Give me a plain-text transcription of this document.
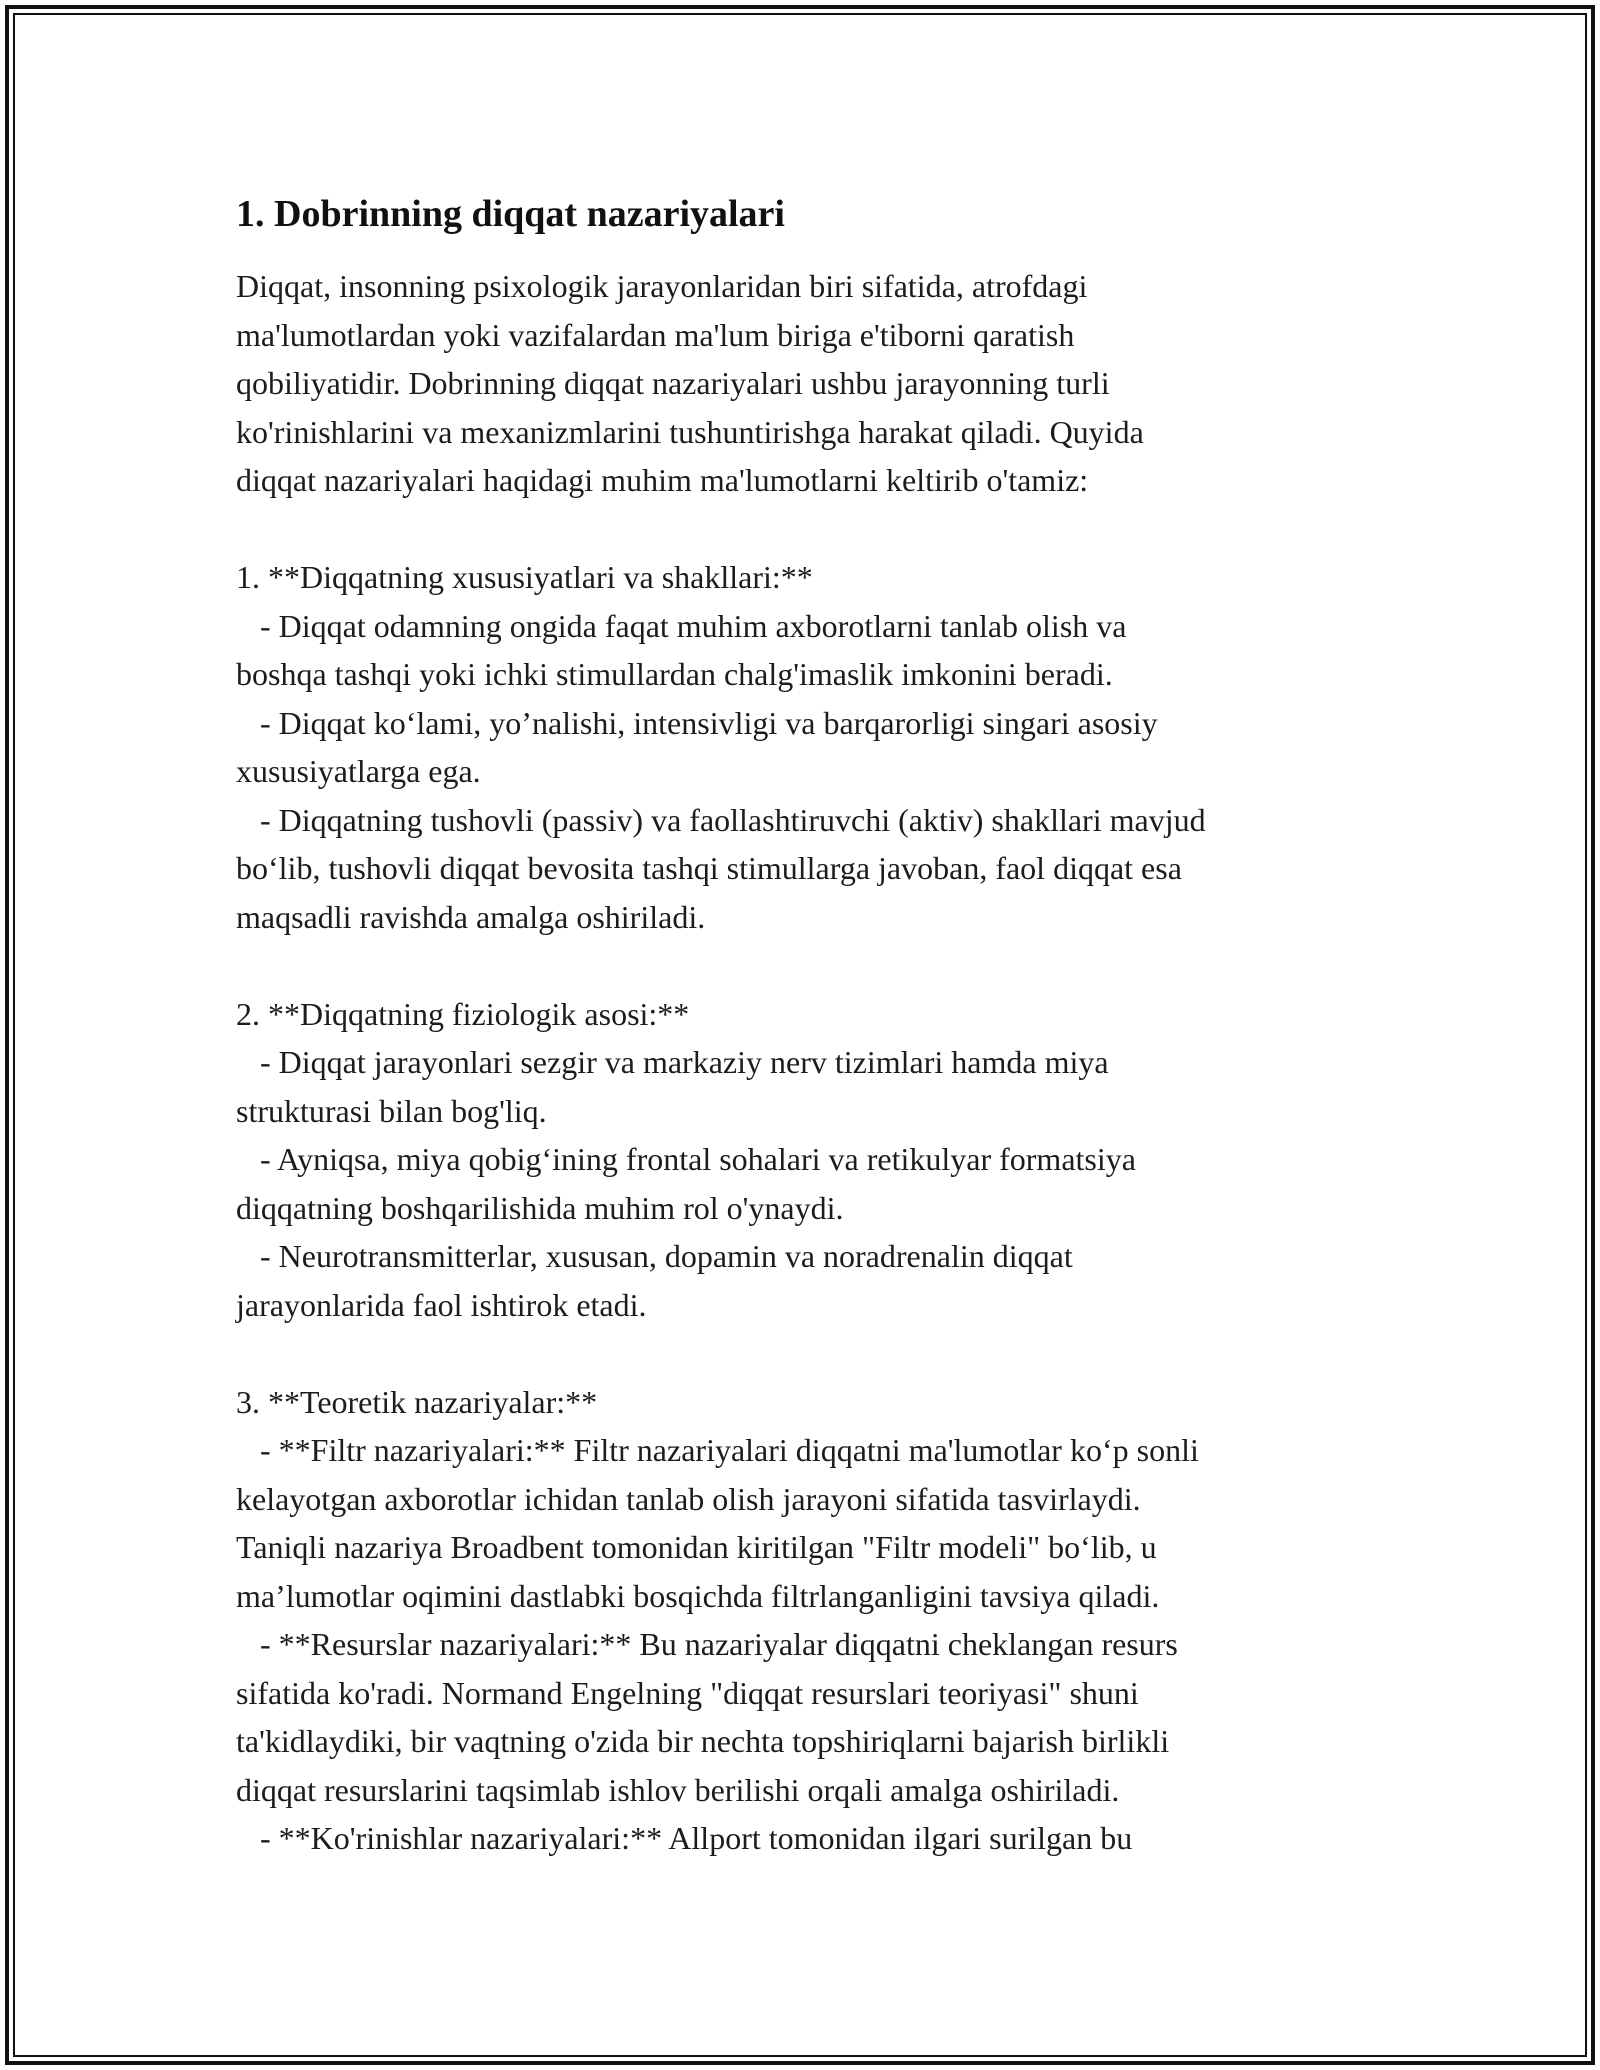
1. Dobrinning diqqat nazariyalari
Diqqat, insonning psixologik jarayonlaridan biri sifatida, atrofdagi
ma'lumotlardan yoki vazifalardan ma'lum biriga e'tiborni qaratish
qobiliyatidir. Dobrinning diqqat nazariyalari ushbu jarayonning turli
ko'rinishlarini va mexanizmlarini tushuntirishga harakat qiladi. Quyida
diqqat nazariyalari haqidagi muhim ma'lumotlarni keltirib o'tamiz:
1. **Diqqatning xususiyatlari va shakllari:**
- Diqqat odamning ongida faqat muhim axborotlarni tanlab olish va
boshqa tashqi yoki ichki stimullardan chalg'imaslik imkonini beradi.
- Diqqat koʻlami, yoʼnalishi, intensivligi va barqarorligi singari asosiy
xususiyatlarga ega.
- Diqqatning tushovli (passiv) va faollashtiruvchi (aktiv) shakllari mavjud
boʻlib, tushovli diqqat bevosita tashqi stimullarga javoban, faol diqqat esa
maqsadli ravishda amalga oshiriladi.
2. **Diqqatning fiziologik asosi:**
- Diqqat jarayonlari sezgir va markaziy nerv tizimlari hamda miya
strukturasi bilan bog'liq.
- Ayniqsa, miya qobigʻining frontal sohalari va retikulyar formatsiya
diqqatning boshqarilishida muhim rol o'ynaydi.
- Neurotransmitterlar, xususan, dopamin va noradrenalin diqqat
jarayonlarida faol ishtirok etadi.
3. **Teoretik nazariyalar:**
- **Filtr nazariyalari:** Filtr nazariyalari diqqatni ma'lumotlar koʻp sonli
kelayotgan axborotlar ichidan tanlab olish jarayoni sifatida tasvirlaydi.
Taniqli nazariya Broadbent tomonidan kiritilgan "Filtr modeli" boʻlib, u
maʼlumotlar oqimini dastlabki bosqichda filtrlanganligini tavsiya qiladi.
- **Resurslar nazariyalari:** Bu nazariyalar diqqatni cheklangan resurs
sifatida ko'radi. Normand Engelning "diqqat resurslari teoriyasi" shuni
ta'kidlaydiki, bir vaqtning o'zida bir nechta topshiriqlarni bajarish birlikli
diqqat resurslarini taqsimlab ishlov berilishi orqali amalga oshiriladi.
- **Ko'rinishlar nazariyalari:** Allport tomonidan ilgari surilgan bu
